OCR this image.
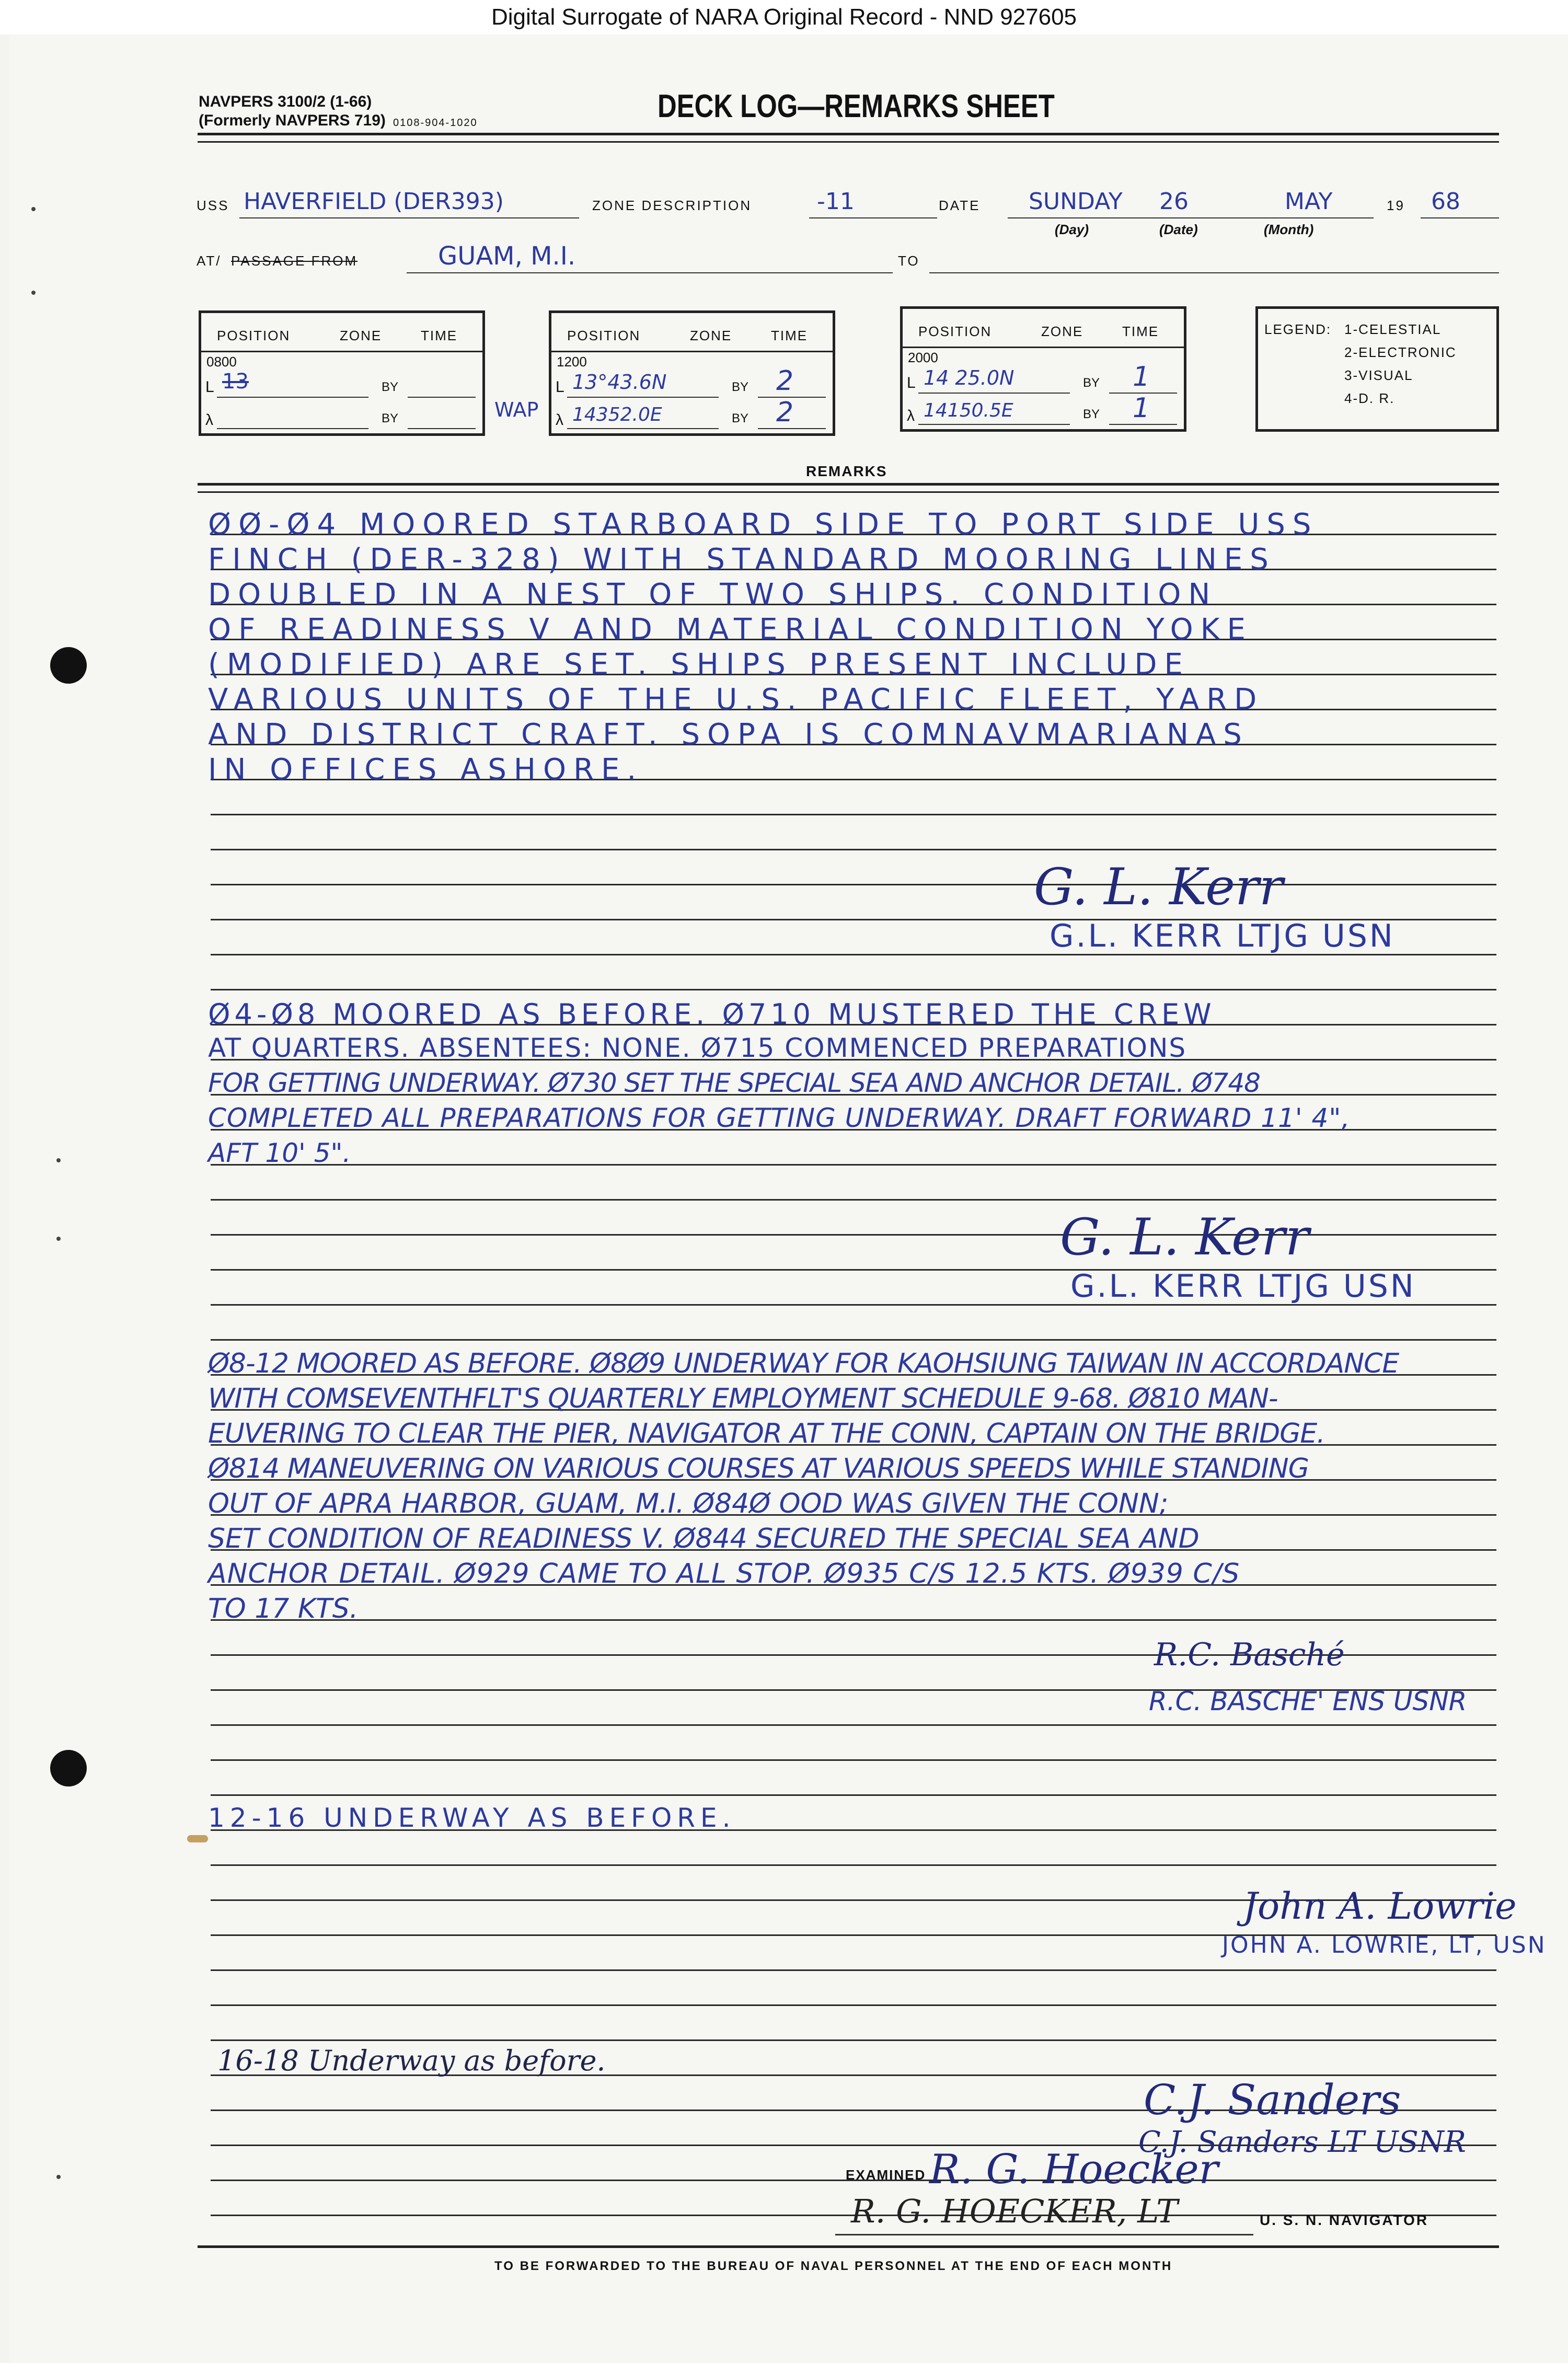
Digital Surrogate of NARA Original Record - NND 927605
NAVPERS 3100/2 (1-66)
(Formerly NAVPERS 719) 0108-904-1020	DECK LOG—REMARKS SHEET
USS HAVERFIELD (DER393)	ZONE DESCRIPTION	-11	DATE SUNDAY 26	MAY
(Day)	(Date)	(Month)
19 68
AT/ PASSAGE FROM	GUAM, M.I.	TO
POSITION	ZONE	TIME
0800
L 13	BY
λ	BY	WAP
POSITION	ZONE	TIME
1200
L 13°43.6N	BY 2
λ 14352.0E	BY 2
POSITION	ZONE	TIME
2000
L 14 25.0N	BY 1
λ 14150.5E	BY 1
LEGEND: 1-CELESTIAL
2-ELECTRONIC
3-VISUAL
4-D. R.
REMARKS
ØØ-Ø4 MOORED STARBOARD SIDE TO PORT SIDE USS
FINCH (DER-328) WITH STANDARD MOORING LINES
DOUBLED IN A NEST OF TWO SHIPS. CONDITION
OF READINESS V AND MATERIAL CONDITION YOKE
(MODIFIED) ARE SET. SHIPS PRESENT INCLUDE
VARIOUS UNITS OF THE U.S. PACIFIC FLEET, YARD
AND DISTRICT CRAFT. SOPA IS COMNAVMARIANAS
IN OFFICES ASHORE.
G. L. Kerr
G.L. KERR LTJG USN
Ø4-Ø8 MOORED AS BEFORE. Ø710 MUSTERED THE CREW
AT QUARTERS. ABSENTEES: NONE. Ø715 COMMENCED PREPARATIONS
FOR GETTING UNDERWAY. Ø730 SET THE SPECIAL SEA AND ANCHOR DETAIL. Ø748
COMPLETED ALL PREPARATIONS FOR GETTING UNDERWAY. DRAFT FORWARD 11' 4",
AFT 10' 5".
G. L. Kerr
G.L. KERR LTJG USN
Ø8-12 MOORED AS BEFORE. Ø8Ø9 UNDERWAY FOR KAOHSIUNG TAIWAN IN ACCORDANCE
WITH COMSEVENTHFLT'S QUARTERLY EMPLOYMENT SCHEDULE 9-68. Ø810 MAN-
EUVERING TO CLEAR THE PIER, NAVIGATOR AT THE CONN, CAPTAIN ON THE BRIDGE.
Ø814 MANEUVERING ON VARIOUS COURSES AT VARIOUS SPEEDS WHILE STANDING
OUT OF APRA HARBOR, GUAM, M.I. Ø84Ø OOD WAS GIVEN THE CONN;
SET CONDITION OF READINESS V. Ø844 SECURED THE SPECIAL SEA AND
ANCHOR DETAIL. Ø929 CAME TO ALL STOP. Ø935 C/S 12.5 KTS. Ø939 C/S
TO 17 KTS.
R.C. Basché
R.C. BASCHE' ENS USNR
12-16 UNDERWAY AS BEFORE.
John A. Lowrie
JOHN A. LOWRIE, LT, USN
16-18 Underway as before.
C.J. Sanders
C.J. Sanders LT USNR
EXAMINED R. G. Hoecker
R. G. HOECKER, LT	U. S. N. NAVIGATOR
TO BE FORWARDED TO THE BUREAU OF NAVAL PERSONNEL AT THE END OF EACH MONTH
